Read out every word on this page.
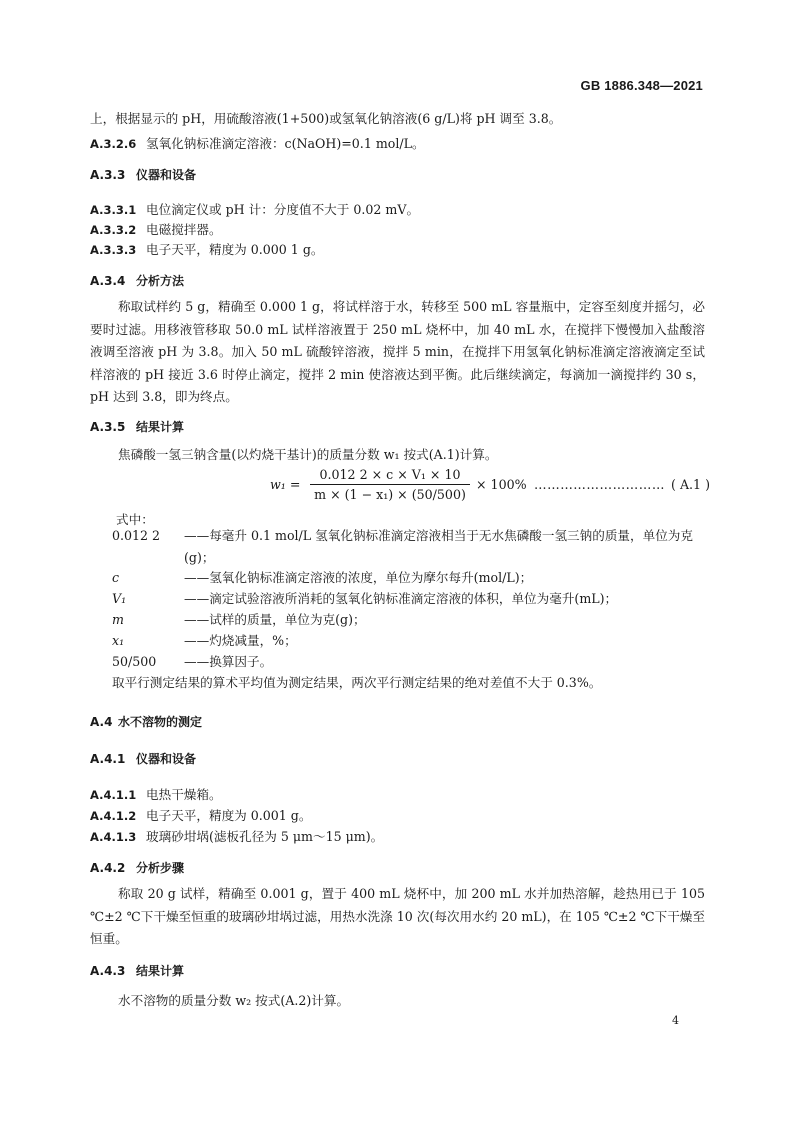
GB 1886.348—2021
上，根据显示的 pH，用硫酸溶液(1+500)或氢氧化钠溶液(6 g/L)将 pH 调至 3.8。
A.3.2.6 氢氧化钠标准滴定溶液：c(NaOH)=0.1 mol/L。
A.3.3 仪器和设备
A.3.3.1 电位滴定仪或 pH 计：分度值不大于 0.02 mV。
A.3.3.2 电磁搅拌器。
A.3.3.3 电子天平，精度为 0.000 1 g。
A.3.4 分析方法
称取试样约 5 g，精确至 0.000 1 g，将试样溶于水，转移至 500 mL 容量瓶中，定容至刻度并摇匀，必要时过滤。用移液管移取 50.0 mL 试样溶液置于 250 mL 烧杯中，加 40 mL 水，在搅拌下慢慢加入盐酸溶液调至溶液 pH 为 3.8。加入 50 mL 硫酸锌溶液，搅拌 5 min，在搅拌下用氢氧化钠标准滴定溶液滴定至试样溶液的 pH 接近 3.6 时停止滴定，搅拌 2 min 使溶液达到平衡。此后继续滴定，每滴加一滴搅拌约 30 s，pH 达到 3.8，即为终点。
A.3.5 结果计算
焦磷酸一氢三钠含量(以灼烧干基计)的质量分数 w₁ 按式(A.1)计算。
$w_1 = \frac{\text{0.012 2 × c × V₁ × 10}}{\text{m × (1 − x₁) × (50/500)}} \times 100\%$ ………………………… ( A.1 )
式中：
0.012 2 ——每毫升 0.1 mol/L 氢氧化钠标准滴定溶液相当于无水焦磷酸一氢三钠的质量，单位为克(g)；
c	——氢氧化钠标准滴定溶液的浓度，单位为摩尔每升(mol/L)；
V₁	——滴定试验溶液所消耗的氢氧化钠标准滴定溶液的体积，单位为毫升(mL)；
m	——试样的质量，单位为克(g)；
x₁	——灼烧减量，%；
50/500 ——换算因子。
取平行测定结果的算术平均值为测定结果，两次平行测定结果的绝对差值不大于 0.3%。
A.4 水不溶物的测定
A.4.1 仪器和设备
A.4.1.1 电热干燥箱。
A.4.1.2 电子天平，精度为 0.001 g。
A.4.1.3 玻璃砂坩埚(滤板孔径为 5 μm～15 μm)。
A.4.2 分析步骤
称取 20 g 试样，精确至 0.001 g，置于 400 mL 烧杯中，加 200 mL 水并加热溶解，趁热用已于 105 ℃±2 ℃下干燥至恒重的玻璃砂坩埚过滤，用热水洗涤 10 次(每次用水约 20 mL)，在 105 ℃±2 ℃下干燥至恒重。
A.4.3 结果计算
水不溶物的质量分数 w₂ 按式(A.2)计算。
4
